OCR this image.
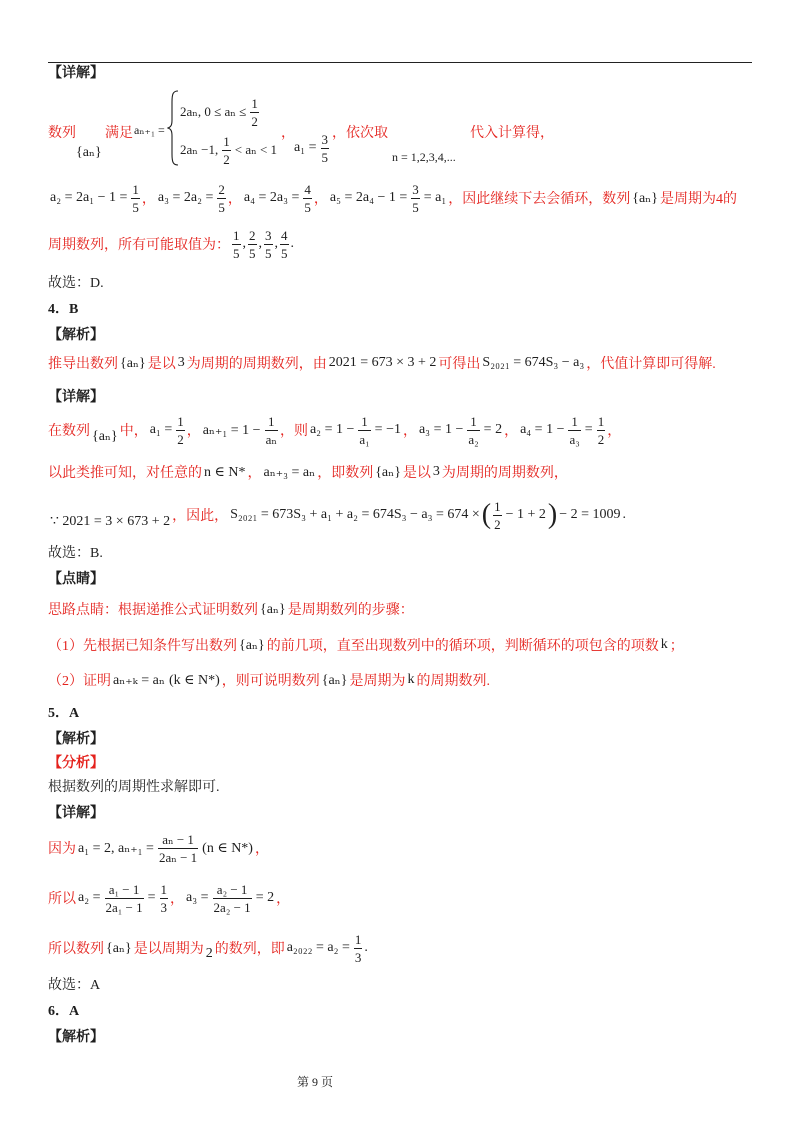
【详解】
数列
{aₙ}
满足 aₙ₊₁ =
2aₙ, $0 \le a_n \le \frac{1}{2}$
2aₙ −1, $\frac{1}{2} < a_n < 1$
，
$a_1 = \frac{3}{5}$ ，依次取
n = 1,2,3,4,...
代入计算得，
$a_2 = 2a_1 - 1 = \frac{1}{5}$ ， $a_3 = 2a_2 = \frac{2}{5}$ ， $a_4 = 2a_3 = \frac{4}{5}$ ， $a_5 = 2a_4 - 1 = \frac{3}{5} = a_1$ ，因此继续下去会循环，数列 {aₙ} 是周期为4的
周期数列，所有可能取值为： $\frac{1}{5}$ , $\frac{2}{5}$ , $\frac{3}{5}$ , $\frac{4}{5}$ .
故选：D.
4．B
【解析】
推导出数列 {aₙ} 是以 3 为周期的周期数列，由 2021 = 673 × 3 + 2 可得出 S₂₀₂₁ = 674S₃ − a₃ ，代值计算即可得解.
【详解】
在数列 {aₙ} 中， $a_1 = \frac{1}{2}$ ， $a_{n+1} = 1 - \frac{1}{\text{aₙ}}$ ，则 $a_2 = 1 - \frac{1}{\text{a₁}} = -1$ ， $a_3 = 1 - \frac{1}{\text{a₂}} = 2$ ， $a_4 = 1 - \frac{1}{\text{a₃}} = \frac{1}{2}$ ，
以此类推可知，对任意的 n ∈ N* ， aₙ₊₃ = aₙ ，即数列 {aₙ} 是以 3 为周期的周期数列，
∵ 2021 = 3 × 673 + 2 ，因此， S₂₀₂₁ = 673S₃ + a₁ + a₂ = 674S₃ − a₃ = 674 × ( $\frac{1}{2} - 1 + 2$ ) − 2 = 1009 .
故选：B.
【点睛】
思路点睛：根据递推公式证明数列 {aₙ} 是周期数列的步骤：
（1）先根据已知条件写出数列 {aₙ} 的前几项，直至出现数列中的循环项，判断循环的项包含的项数 k ；
（2）证明 aₙ₊ₖ = aₙ (k ∈ N*) ，则可说明数列 {aₙ} 是周期为 k 的周期数列.
5．A
【解析】
【分析】
根据数列的周期性求解即可.
【详解】
因为 a₁ = 2, $a_{n+1} = \frac{\text{aₙ − 1}}{\text{2aₙ − 1}} (n$ ∈ N*) ，
所以 $a_2 = \frac{\text{a₁ − 1}}{\text{2a₁ − 1}} = \frac{1}{3}$ ， $a_3 = \frac{\text{a₂ − 1}}{\text{2a₂ − 1}} = 2$ ，
所以数列 {aₙ} 是以周期为 2 的数列，即 $a_{2022} = a_2 = \frac{1}{3}$ .
故选：A
6．A
【解析】
第 9 页
